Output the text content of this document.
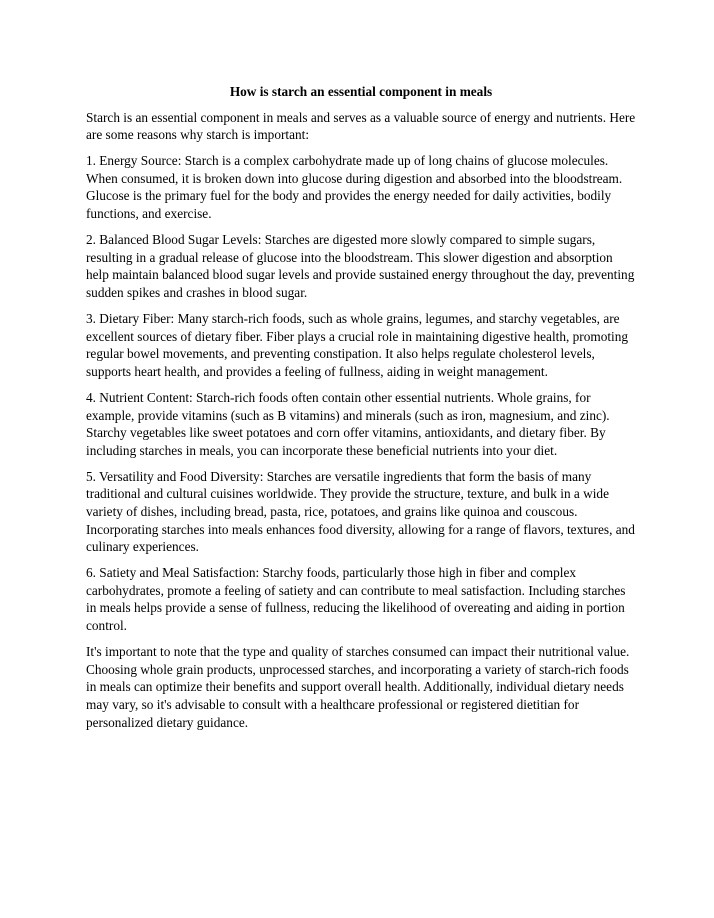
How is starch an essential component in meals

Starch is an essential component in meals and serves as a valuable source of energy and nutrients. Here are some reasons why starch is important:

1. Energy Source: Starch is a complex carbohydrate made up of long chains of glucose molecules. When consumed, it is broken down into glucose during digestion and absorbed into the bloodstream. Glucose is the primary fuel for the body and provides the energy needed for daily activities, bodily functions, and exercise.

2. Balanced Blood Sugar Levels: Starches are digested more slowly compared to simple sugars, resulting in a gradual release of glucose into the bloodstream. This slower digestion and absorption help maintain balanced blood sugar levels and provide sustained energy throughout the day, preventing sudden spikes and crashes in blood sugar.

3. Dietary Fiber: Many starch-rich foods, such as whole grains, legumes, and starchy vegetables, are excellent sources of dietary fiber. Fiber plays a crucial role in maintaining digestive health, promoting regular bowel movements, and preventing constipation. It also helps regulate cholesterol levels, supports heart health, and provides a feeling of fullness, aiding in weight management.

4. Nutrient Content: Starch-rich foods often contain other essential nutrients. Whole grains, for example, provide vitamins (such as B vitamins) and minerals (such as iron, magnesium, and zinc). Starchy vegetables like sweet potatoes and corn offer vitamins, antioxidants, and dietary fiber. By including starches in meals, you can incorporate these beneficial nutrients into your diet.

5. Versatility and Food Diversity: Starches are versatile ingredients that form the basis of many traditional and cultural cuisines worldwide. They provide the structure, texture, and bulk in a wide variety of dishes, including bread, pasta, rice, potatoes, and grains like quinoa and couscous. Incorporating starches into meals enhances food diversity, allowing for a range of flavors, textures, and culinary experiences.

6. Satiety and Meal Satisfaction: Starchy foods, particularly those high in fiber and complex carbohydrates, promote a feeling of satiety and can contribute to meal satisfaction. Including starches in meals helps provide a sense of fullness, reducing the likelihood of overeating and aiding in portion control.

It's important to note that the type and quality of starches consumed can impact their nutritional value. Choosing whole grain products, unprocessed starches, and incorporating a variety of starch-rich foods in meals can optimize their benefits and support overall health. Additionally, individual dietary needs may vary, so it's advisable to consult with a healthcare professional or registered dietitian for personalized dietary guidance.
